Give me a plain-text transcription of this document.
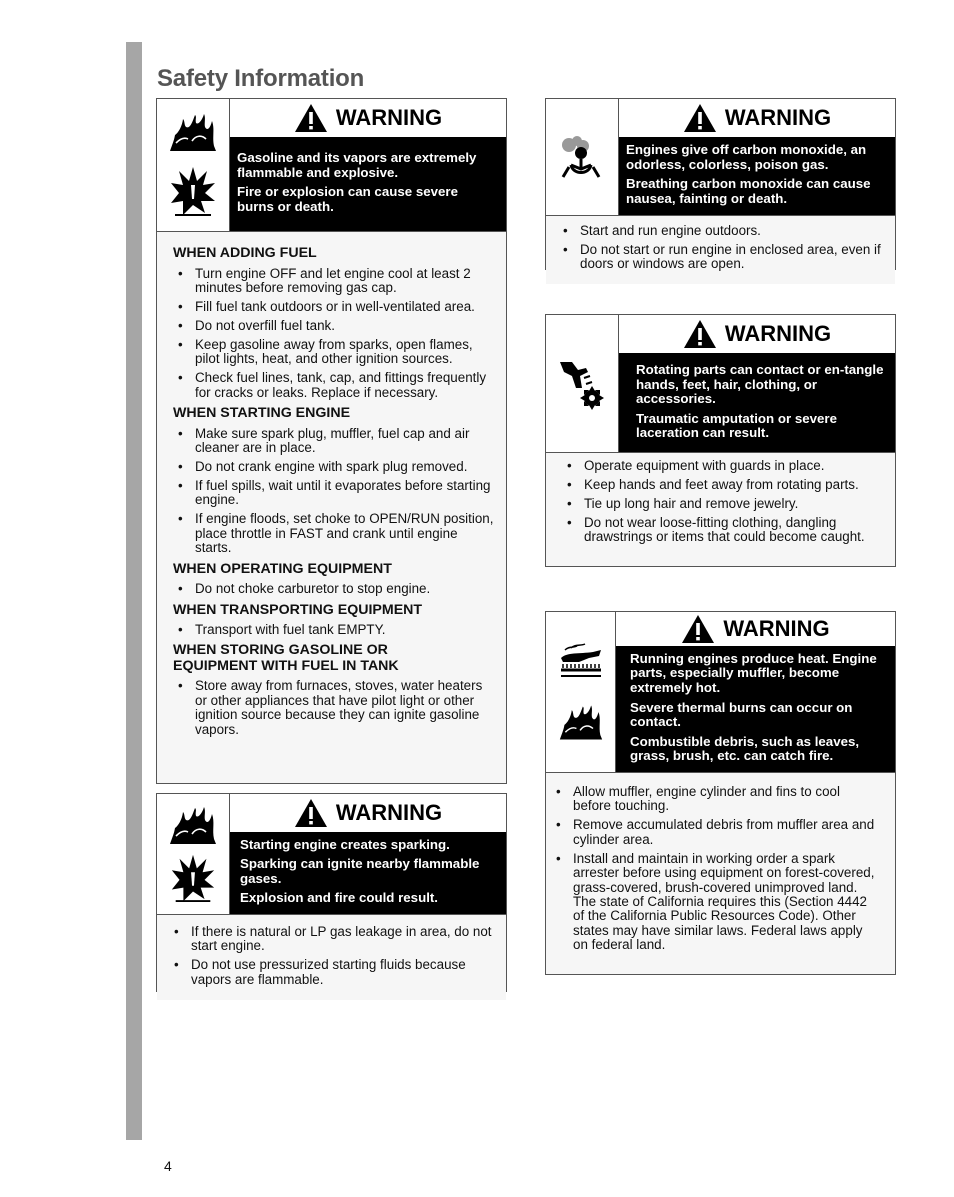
Safety Information
WARNING

Gasoline and its vapors are extremely flammable and explosive.

Fire or explosion can cause severe burns or death.

WHEN ADDING FUEL
• Turn engine OFF and let engine cool at least 2 minutes before removing gas cap.
• Fill fuel tank outdoors or in well-ventilated area.
• Do not overfill fuel tank.
• Keep gasoline away from sparks, open flames, pilot lights, heat, and other ignition sources.
• Check fuel lines, tank, cap, and fittings frequently for cracks or leaks. Replace if necessary.
WHEN STARTING ENGINE
• Make sure spark plug, muffler, fuel cap and air cleaner are in place.
• Do not crank engine with spark plug removed.
• If fuel spills, wait until it evaporates before starting engine.
• If engine floods, set choke to OPEN/RUN position, place throttle in FAST and crank until engine starts.
WHEN OPERATING EQUIPMENT
• Do not choke carburetor to stop engine.
WHEN TRANSPORTING EQUIPMENT
• Transport with fuel tank EMPTY.
WHEN STORING GASOLINE OR EQUIPMENT WITH FUEL IN TANK
• Store away from furnaces, stoves, water heaters or other appliances that have pilot light or other ignition source because they can ignite gasoline vapors.
WARNING

Starting engine creates sparking.

Sparking can ignite nearby flammable gases.

Explosion and fire could result.

• If there is natural or LP gas leakage in area, do not start engine.
• Do not use pressurized starting fluids because vapors are flammable.
WARNING

Engines give off carbon monoxide, an odorless, colorless, poison gas.

Breathing carbon monoxide can cause nausea, fainting or death.

• Start and run engine outdoors.
• Do not start or run engine in enclosed area, even if doors or windows are open.
WARNING

Rotating parts can contact or en-tangle hands, feet, hair, clothing, or accessories.

Traumatic amputation or severe laceration can result.

• Operate equipment with guards in place.
• Keep hands and feet away from rotating parts.
• Tie up long hair and remove jewelry.
• Do not wear loose-fitting clothing, dangling drawstrings or items that could become caught.
WARNING

Running engines produce heat. Engine parts, especially muffler, become extremely hot.

Severe thermal burns can occur on contact.

Combustible debris, such as leaves, grass, brush, etc. can catch fire.

• Allow muffler, engine cylinder and fins to cool before touching.
• Remove accumulated debris from muffler area and cylinder area.
• Install and maintain in working order a spark arrester before using equipment on forest-covered, grass-covered, brush-covered unimproved land. The state of California requires this (Section 4442 of the California Public Resources Code). Other states may have similar laws. Federal laws apply on federal land.
4
